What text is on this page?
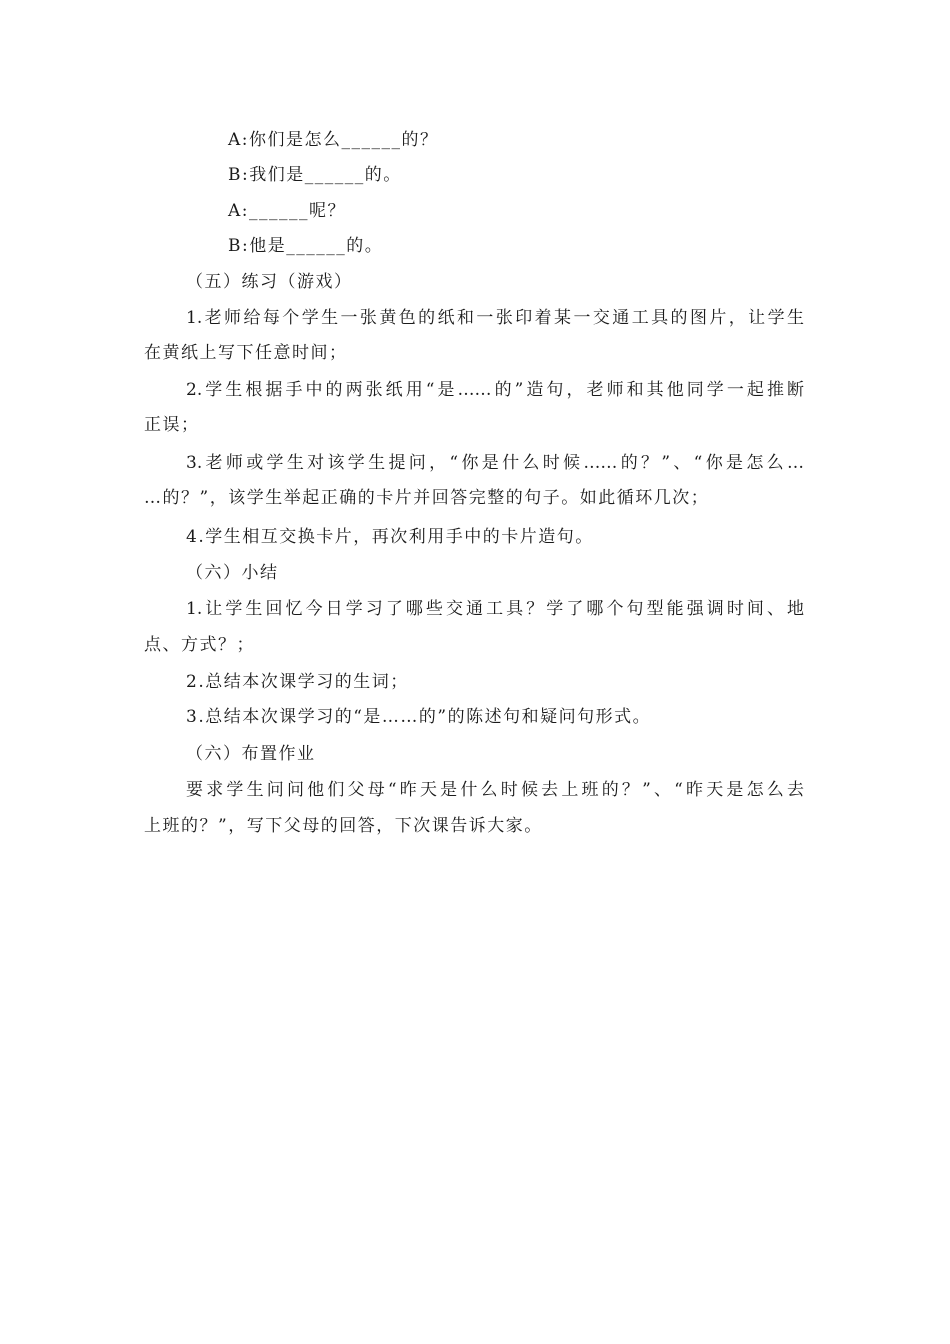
A:你们是怎么______的？
B:我们是______的。
A:______呢？
B:他是______的。
（五）练习（游戏）
1.老师给每个学生一张黄色的纸和一张印着某一交通工具的图片，让学生
在黄纸上写下任意时间；
2.学生根据手中的两张纸用“是……的”造句，老师和其他同学一起推断
正误；
3.老师或学生对该学生提问，“你是什么时候……的？”、“你是怎么…
…的？”，该学生举起正确的卡片并回答完整的句子。如此循环几次；
4.学生相互交换卡片，再次利用手中的卡片造句。
（六）小结
1.让学生回忆今日学习了哪些交通工具？学了哪个句型能强调时间、地
点、方式？；
2.总结本次课学习的生词；
3.总结本次课学习的“是……的”的陈述句和疑问句形式。
（六）布置作业
要求学生问问他们父母“昨天是什么时候去上班的？”、“昨天是怎么去
上班的？”，写下父母的回答，下次课告诉大家。
